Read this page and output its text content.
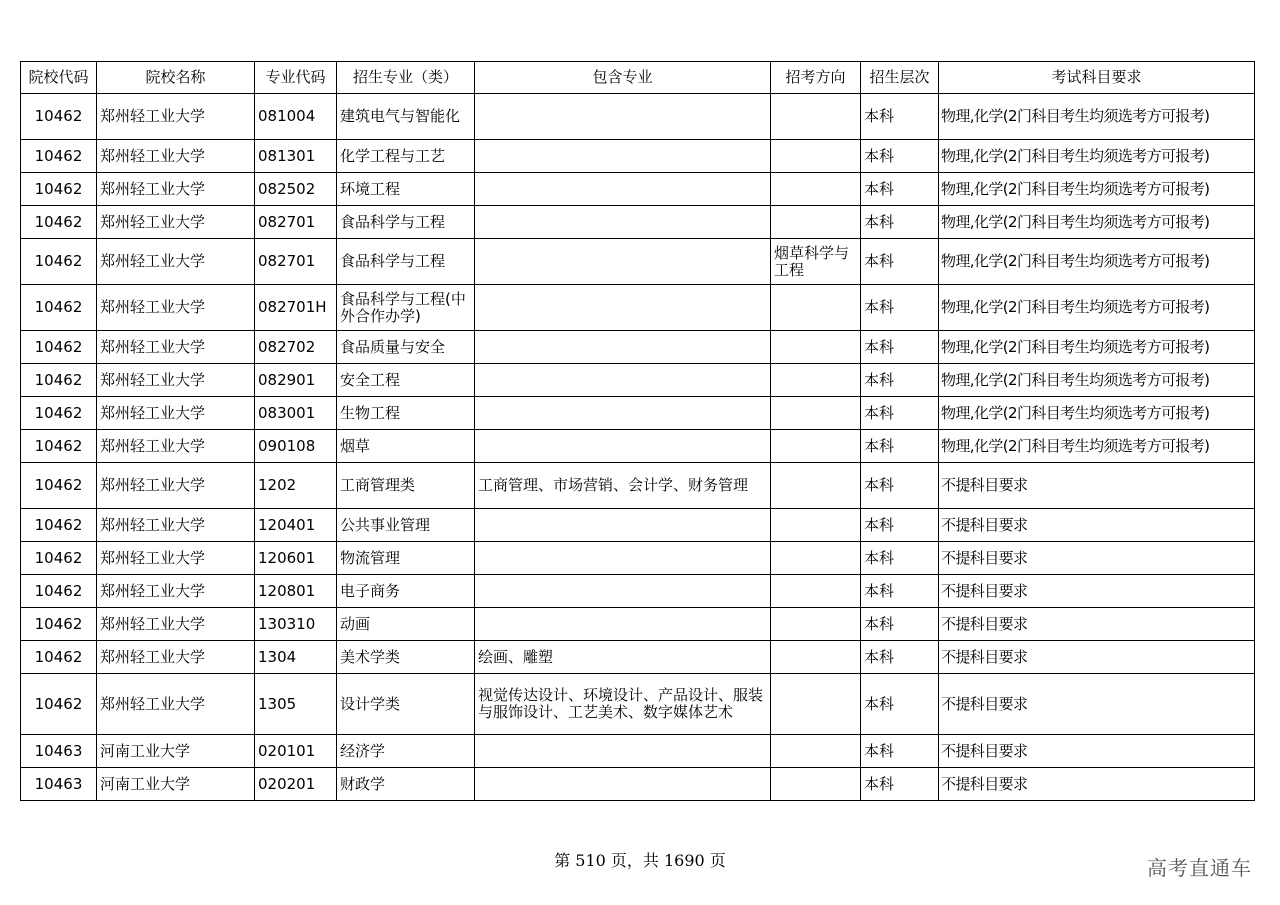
院校代码	院校名称	专业代码	招生专业（类）	包含专业	招考方向	招生层次	考试科目要求
10462	郑州轻工业大学	081004	建筑电气与智能化			本科	物理,化学(2门科目考生均须选考方可报考)
10462	郑州轻工业大学	081301	化学工程与工艺			本科	物理,化学(2门科目考生均须选考方可报考)
10462	郑州轻工业大学	082502	环境工程			本科	物理,化学(2门科目考生均须选考方可报考)
10462	郑州轻工业大学	082701	食品科学与工程			本科	物理,化学(2门科目考生均须选考方可报考)
10462	郑州轻工业大学	082701	食品科学与工程		烟草科学与工程	本科	物理,化学(2门科目考生均须选考方可报考)
10462	郑州轻工业大学	082701H	食品科学与工程(中外合作办学)			本科	物理,化学(2门科目考生均须选考方可报考)
10462	郑州轻工业大学	082702	食品质量与安全			本科	物理,化学(2门科目考生均须选考方可报考)
10462	郑州轻工业大学	082901	安全工程			本科	物理,化学(2门科目考生均须选考方可报考)
10462	郑州轻工业大学	083001	生物工程			本科	物理,化学(2门科目考生均须选考方可报考)
10462	郑州轻工业大学	090108	烟草			本科	物理,化学(2门科目考生均须选考方可报考)
10462	郑州轻工业大学	1202	工商管理类	工商管理、市场营销、会计学、财务管理		本科	不提科目要求
10462	郑州轻工业大学	120401	公共事业管理			本科	不提科目要求
10462	郑州轻工业大学	120601	物流管理			本科	不提科目要求
10462	郑州轻工业大学	120801	电子商务			本科	不提科目要求
10462	郑州轻工业大学	130310	动画			本科	不提科目要求
10462	郑州轻工业大学	1304	美术学类	绘画、雕塑		本科	不提科目要求
10462	郑州轻工业大学	1305	设计学类	视觉传达设计、环境设计、产品设计、服装与服饰设计、工艺美术、数字媒体艺术		本科	不提科目要求
10463	河南工业大学	020101	经济学			本科	不提科目要求
10463	河南工业大学	020201	财政学			本科	不提科目要求
第 510 页，共 1690 页	高考直通车
